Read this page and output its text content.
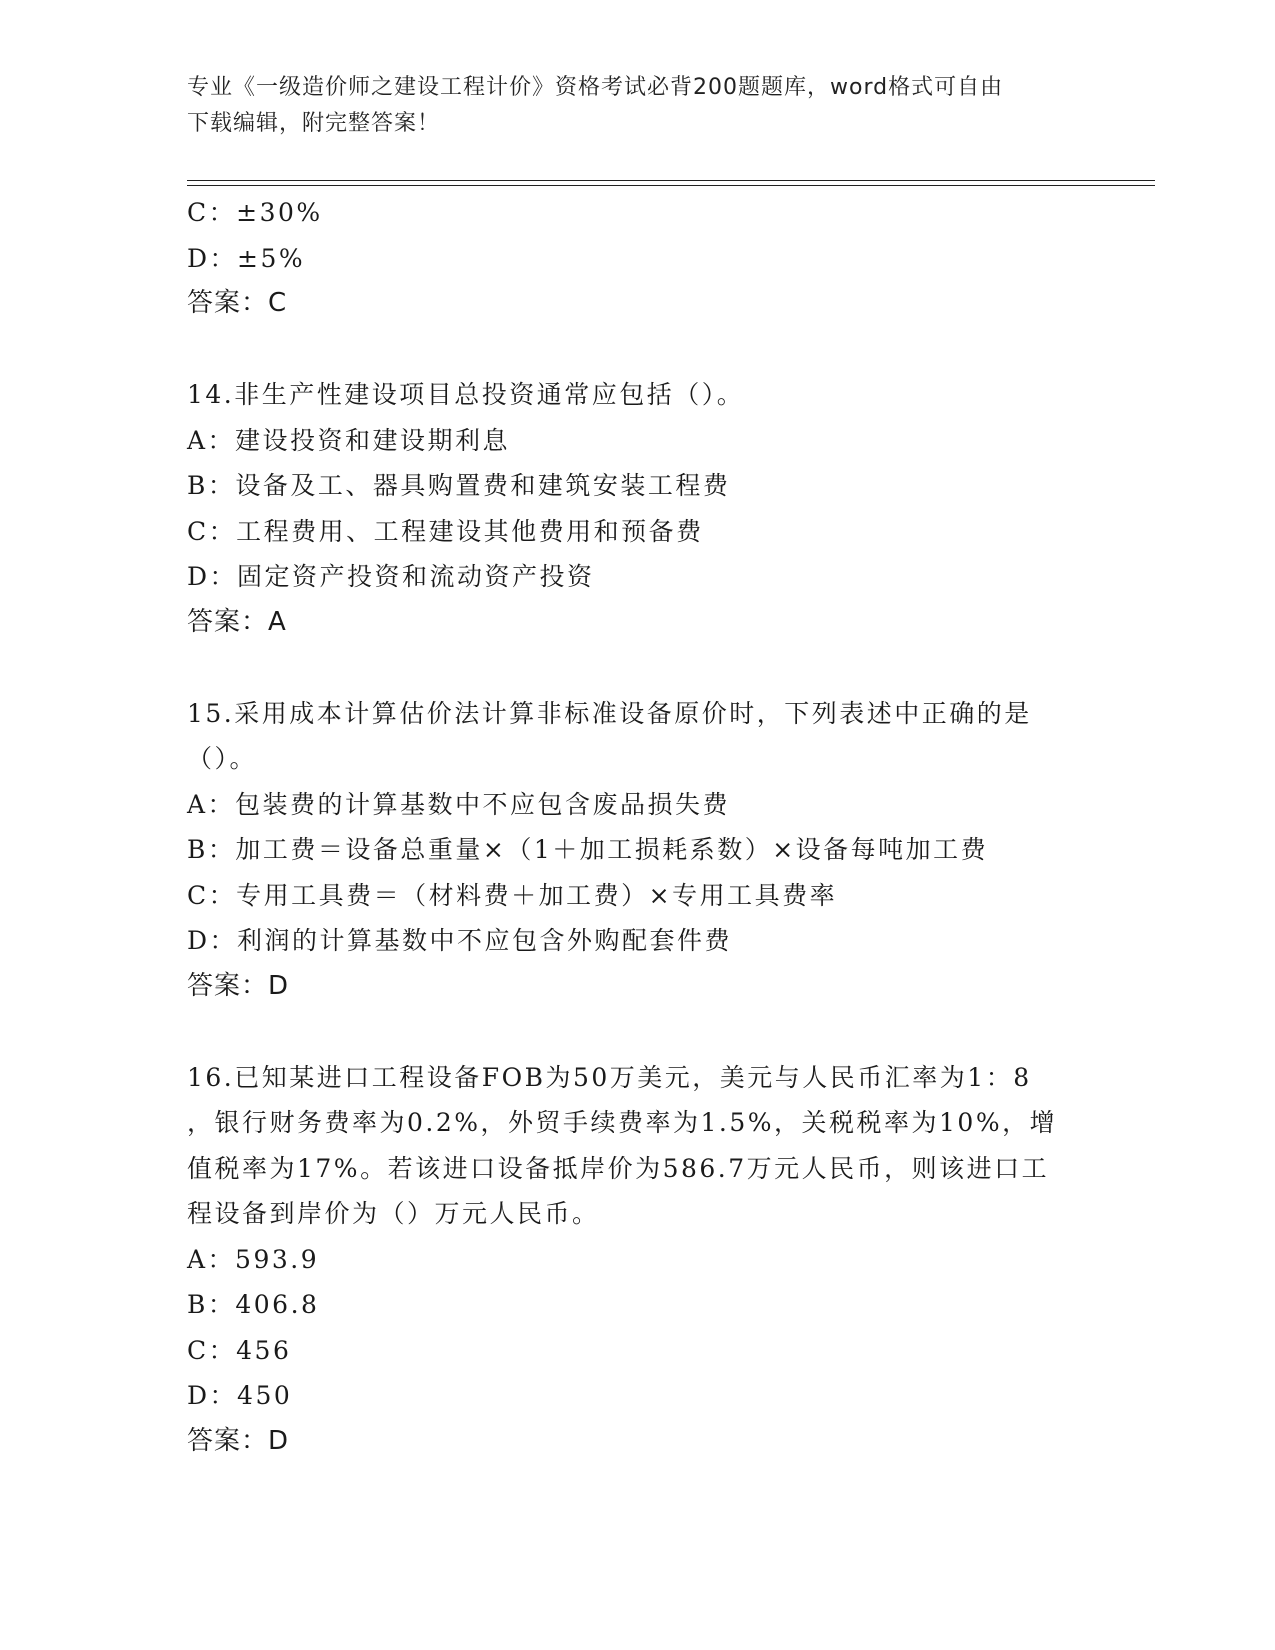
专业《一级造价师之建设工程计价》资格考试必背200题题库，word格式可自由
下载编辑，附完整答案！
C：±30%
D：±5%
答案：C
14.非生产性建设项目总投资通常应包括（）。
A：建设投资和建设期利息
B：设备及工、器具购置费和建筑安装工程费
C：工程费用、工程建设其他费用和预备费
D：固定资产投资和流动资产投资
答案：A
15.采用成本计算估价法计算非标准设备原价时，下列表述中正确的是
（）。
A：包装费的计算基数中不应包含废品损失费
B：加工费＝设备总重量×（1＋加工损耗系数）×设备每吨加工费
C：专用工具费＝（材料费＋加工费）×专用工具费率
D：利润的计算基数中不应包含外购配套件费
答案：D
16.已知某进口工程设备FOB为50万美元，美元与人民币汇率为1：8
，银行财务费率为0.2%，外贸手续费率为1.5%，关税税率为10%，增
值税率为17%。若该进口设备抵岸价为586.7万元人民币，则该进口工
程设备到岸价为（）万元人民币。
A：593.9
B：406.8
C：456
D：450
答案：D
